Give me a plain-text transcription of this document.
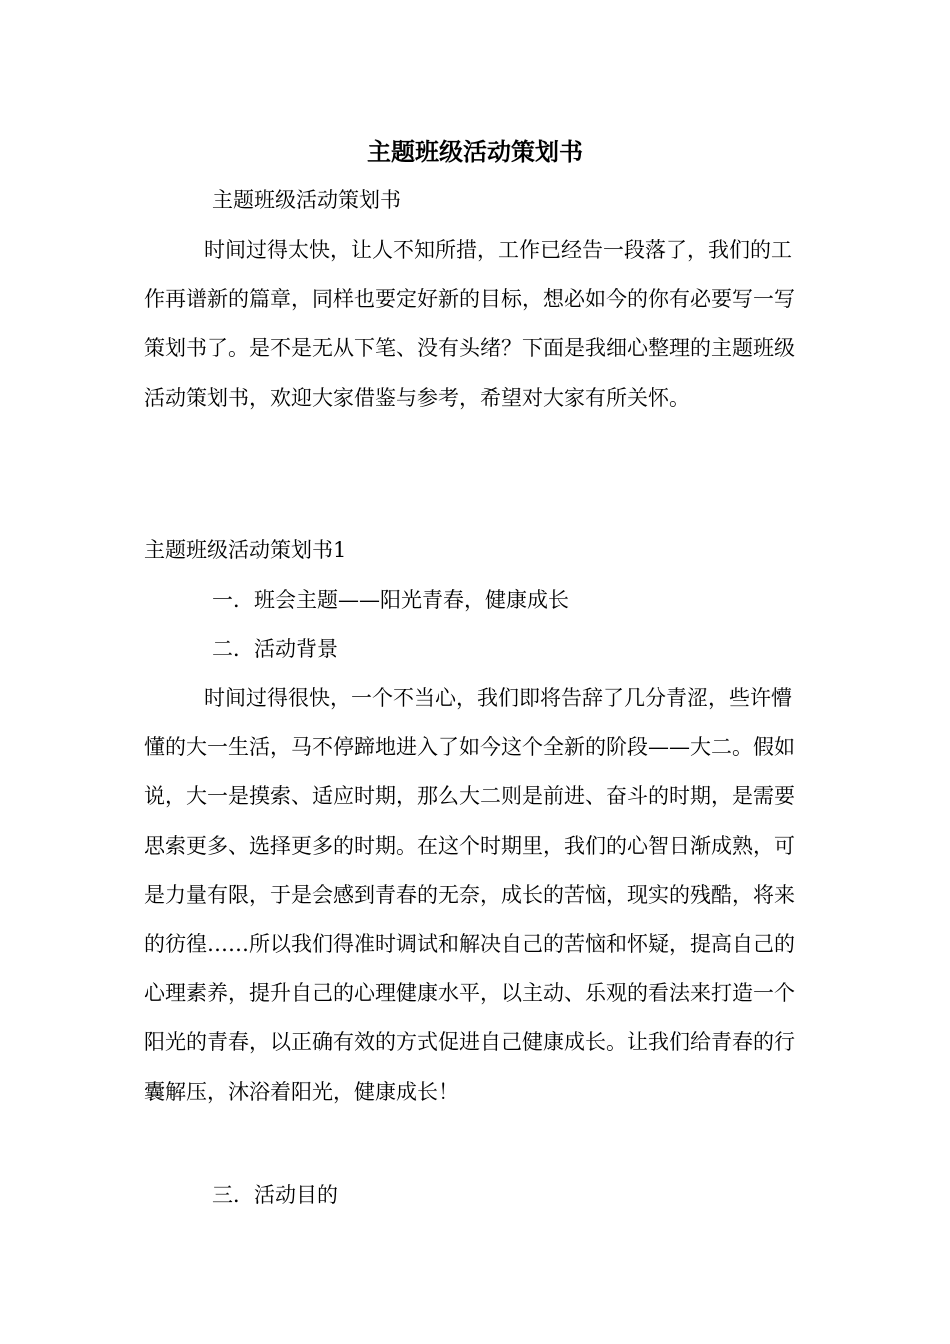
主题班级活动策划书

主题班级活动策划书

时间过得太快，让人不知所措，工作已经告一段落了，我们的工作再谱新的篇章，同样也要定好新的目标，想必如今的你有必要写一写策划书了。是不是无从下笔、没有头绪？下面是我细心整理的主题班级活动策划书，欢迎大家借鉴与参考，希望对大家有所关怀。

主题班级活动策划书1

一．班会主题——阳光青春，健康成长

二．活动背景

时间过得很快，一个不当心，我们即将告辞了几分青涩，些许懵懂的大一生活，马不停蹄地进入了如今这个全新的阶段——大二。假如说，大一是摸索、适应时期，那么大二则是前进、奋斗的时期，是需要思索更多、选择更多的时期。在这个时期里，我们的心智日渐成熟，可是力量有限，于是会感到青春的无奈，成长的苦恼，现实的残酷，将来的彷徨……所以我们得准时调试和解决自己的苦恼和怀疑，提高自己的心理素养，提升自己的心理健康水平，以主动、乐观的看法来打造一个阳光的青春，以正确有效的方式促进自己健康成长。让我们给青春的行囊解压，沐浴着阳光，健康成长！

三．活动目的
